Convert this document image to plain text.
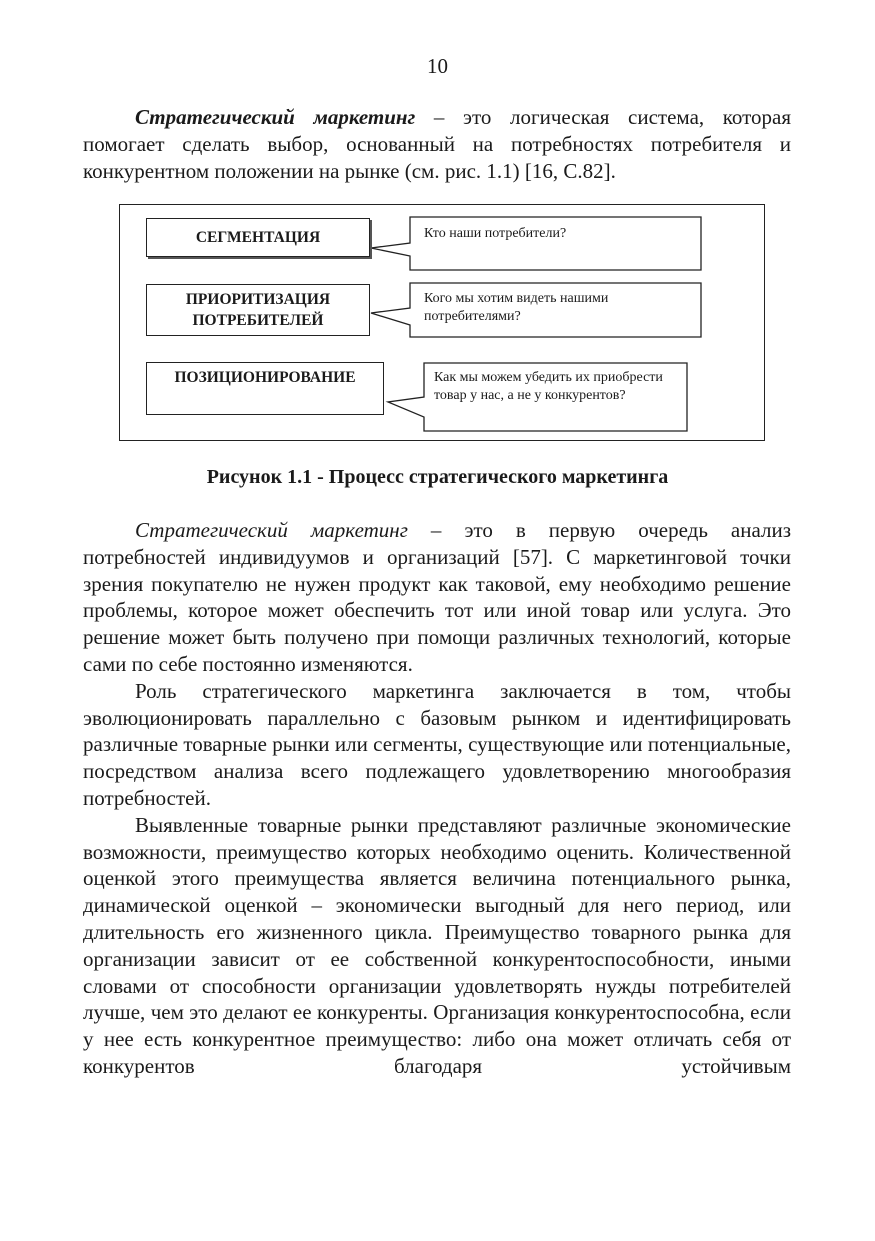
10

Стратегический маркетинг – это логическая система, которая помогает сделать выбор, основанный на потребностях потребителя и конкурентном положении на рынке (см. рис. 1.1) [16, С.82].

СЕГМЕНТАЦИЯ	Кто наши потребители?
ПРИОРИТИЗАЦИЯ
ПОТРЕБИТЕЛЕЙ
Кого мы хотим видеть нашими потребителями?
ПОЗИЦИОНИРОВАНИЕ	Как мы можем убедить их приобрести товар у нас, а не у конкурентов?
Рисунок 1.1 - Процесс стратегического маркетинга

Стратегический маркетинг – это в первую очередь анализ потребностей индивидуумов и организаций [57]. С маркетинговой точки зрения покупателю не нужен продукт как таковой, ему необходимо решение проблемы, которое может обеспечить тот или иной товар или услуга. Это решение может быть получено при помощи различных технологий, которые сами по себе постоянно изменяются.

Роль стратегического маркетинга заключается в том, чтобы эволюционировать параллельно с базовым рынком и идентифицировать различные товарные рынки или сегменты, существующие или потенциальные, посредством анализа всего подлежащего удовлетворению многообразия потребностей.

Выявленные товарные рынки представляют различные экономические возможности, преимущество которых необходимо оценить. Количественной оценкой этого преимущества является величина потенциального рынка, динамической оценкой – экономически выгодный для него период, или длительность его жизненного цикла. Преимущество товарного рынка для организации зависит от ее собственной конкурентоспособности, иными словами от способности организации удовлетворять нужды потребителей лучше, чем это делают ее конкуренты. Организация конкурентоспособна, если у нее есть конкурентное преимущество: либо она может отличать себя от конкурентов благодаря устойчивым
